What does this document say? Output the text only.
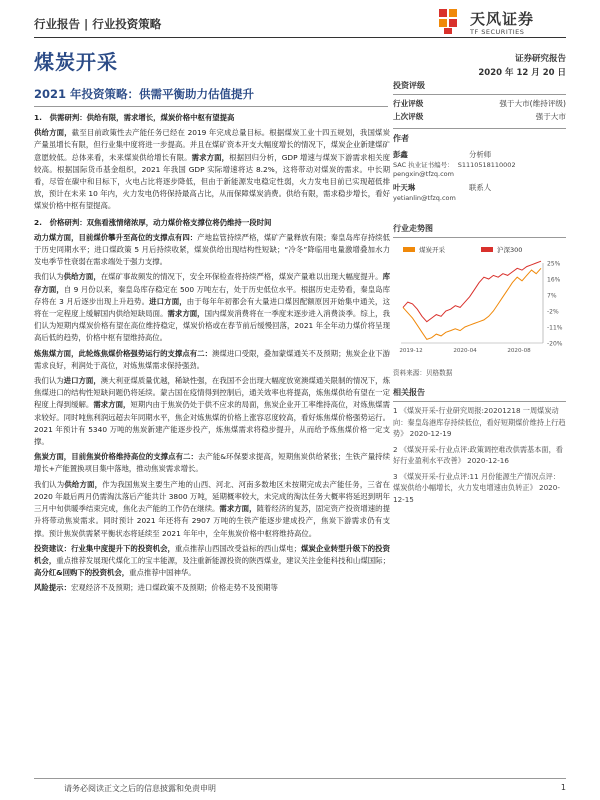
行业报告 | 行业投资策略	天风证券
TF SECURITIES
煤炭开采	证券研究报告
2020 年 12 月 20 日
2021 年投资策略：供需平衡助力估值提升
1.   供需研判：供给有限，需求增长，煤炭价格中枢有望提高
供给方面，截至目前政策性去产能任务已经在 2019 年完成总量目标。根据煤炭工业十四五规划，我国煤炭产量虽增长有限，但行业集中度将进一步提高。并且在煤矿资本开支大幅度增长的情况下，煤炭企业新建煤矿意愿较低。总体来看，未来煤炭供给增长有限。需求方面，根据回归分析，GDP 增速与煤炭下游需求相关度较高。根据国际货币基金组织，2021 年我国 GDP 实际增速将达 8.2%，这将带动对煤炭的需求。中长期看，尽管在碳中和目标下，火电占比将逐步降低，但由于新能源发电稳定性弱，火力发电目前已实现超低排放，预计在未来 10 年内，火力发电仍将保持最高占比，从而保障煤炭消费。供给有限，需求稳步增长，看好煤炭价格中枢有望提高。
2.   价格研判：双焦看涨情绪浓厚，动力煤价格支撑位将仍维持一段时间
动力煤方面，目前煤价攀升至高位的支撑点有四：产地监管持续严格，煤矿产量释放有限；秦皇岛库存持续低于历史同期水平；进口煤政策 5 月后持续收紧，煤炭供给出现结构性短缺；“冷冬”降临用电量激增叠加水力发电季节性衰弱在需求端处于强力支撑。
我们认为供给方面，在煤矿事故频发的情况下，安全环保检查将持续严格，煤炭产量难以出现大幅度提升。库存方面，自 9 月份以来，秦皇岛库存稳定在 500 万吨左右，处于历史低位水平。根据历史走势看，秦皇岛库存将在 3 月后逐步出现上升趋势。进口方面，由于每年年初都会有大量进口煤因配额原因开始集中通关，这将在一定程度上缓解国内供给短缺局面。需求方面，国内煤炭消费将在一季度末逐步进入消费淡季。综上，我们认为短期内煤炭价格有望在高位维持稳定，煤炭价格或在春节前后缓慢回落，2021 年全年动力煤价将呈现高后低的趋势，价格中枢有望维持高位。
炼焦煤方面，此轮炼焦煤价格强势运行的支撑点有二：澳煤进口受限，叠加蒙煤通关不及预期；焦炭企业下游需求良好，利润处于高位，对炼焦煤需求保持强劲。
我们认为进口方面，澳大利亚煤质量优越，稀缺性强，在我国不会出现大幅度放宽澳煤通关限制的情况下，炼焦煤进口的结构性短缺问题仍将延续。蒙古国在疫情得到控制后，通关效率也将提高，炼焦煤供给有望在一定程度上得到缓解。需求方面，短期内由于焦炭仍处于供不应求的局面，焦炭企业开工率维持高位，对炼焦煤需求较好。同时吨焦利润远超去年同期水平，焦企对炼焦煤的价格上涨容忍度较高，看好炼焦煤价格强势运行。2021 年预计有 5340 万吨的焦炭新建产能逐步投产，炼焦煤需求将稳步提升，从而给予炼焦煤价格一定支撑。
焦炭方面，目前焦炭价格维持高位的支撑点有二：去产能&环保要求提高，短期焦炭供给紧张；生铁产量持续增长+产能置换项目集中落地，推动焦炭需求增长。
我们认为供给方面，作为我国焦炭主要生产地的山西、河北、河南多数地区未按期完成去产能任务，三省在 2020 年最后两月仍需淘汰落后产能共计 3800 万吨，延期概率较大，未完成的淘汰任务大概率将延迟到明年三月中旬供暖季结束完成，焦化去产能的工作仍在继续。需求方面，随着经济的复苏，固定资产投资增速的提升将带动焦炭需求。同时预计 2021 年还将有 2907 万吨的生铁产能逐步建成投产，焦炭下游需求仍有支撑。预计焦炭供需紧平衡状态将延续至 2021 年年中，全年焦炭价格中枢将维持高位。
投资建议：行业集中度提升下的投资机会，重点推荐山西国改受益标的西山煤电；煤炭企业转型升级下的投资机会，重点推荐发展现代煤化工的宝丰能源，及注重新能源投资的陕西煤业，建议关注金能科技和山煤国际；高分红&回购下的投资机会，重点推荐中国神华。
风险提示：宏观经济不及预期；进口煤政策不及预期；价格走势不及预期等
投资评级
行业评级	强于大市(维持评级)
上次评级	强于大市
作者
彭鑫	分析师
SAC 执业证书编号： S1110518110002
pengxin@tfzq.com
叶天琳	联系人
yetianlin@tfzq.com
行业走势图
25%
16%
7%
-2%
-11%
-20%
2019-12	2020-04	2020-08
煤炭开采	沪深300
资料来源：贝格数据
相关报告
1 《煤炭开采-行业研究周报:20201218 一周煤炭动向：秦皇岛港库存持续低位，看好短期煤价维持上行趋势》 2020-12-19
2 《煤炭开采-行业点评:政策调控难改供需基本面，看好行业盈利水平改善》 2020-12-16
3 《煤炭开采-行业点评:11 月份能源生产情况点评：煤炭供给小幅增长，火力发电增速由负转正》 2020-12-15
请务必阅读正文之后的信息披露和免责申明	1
